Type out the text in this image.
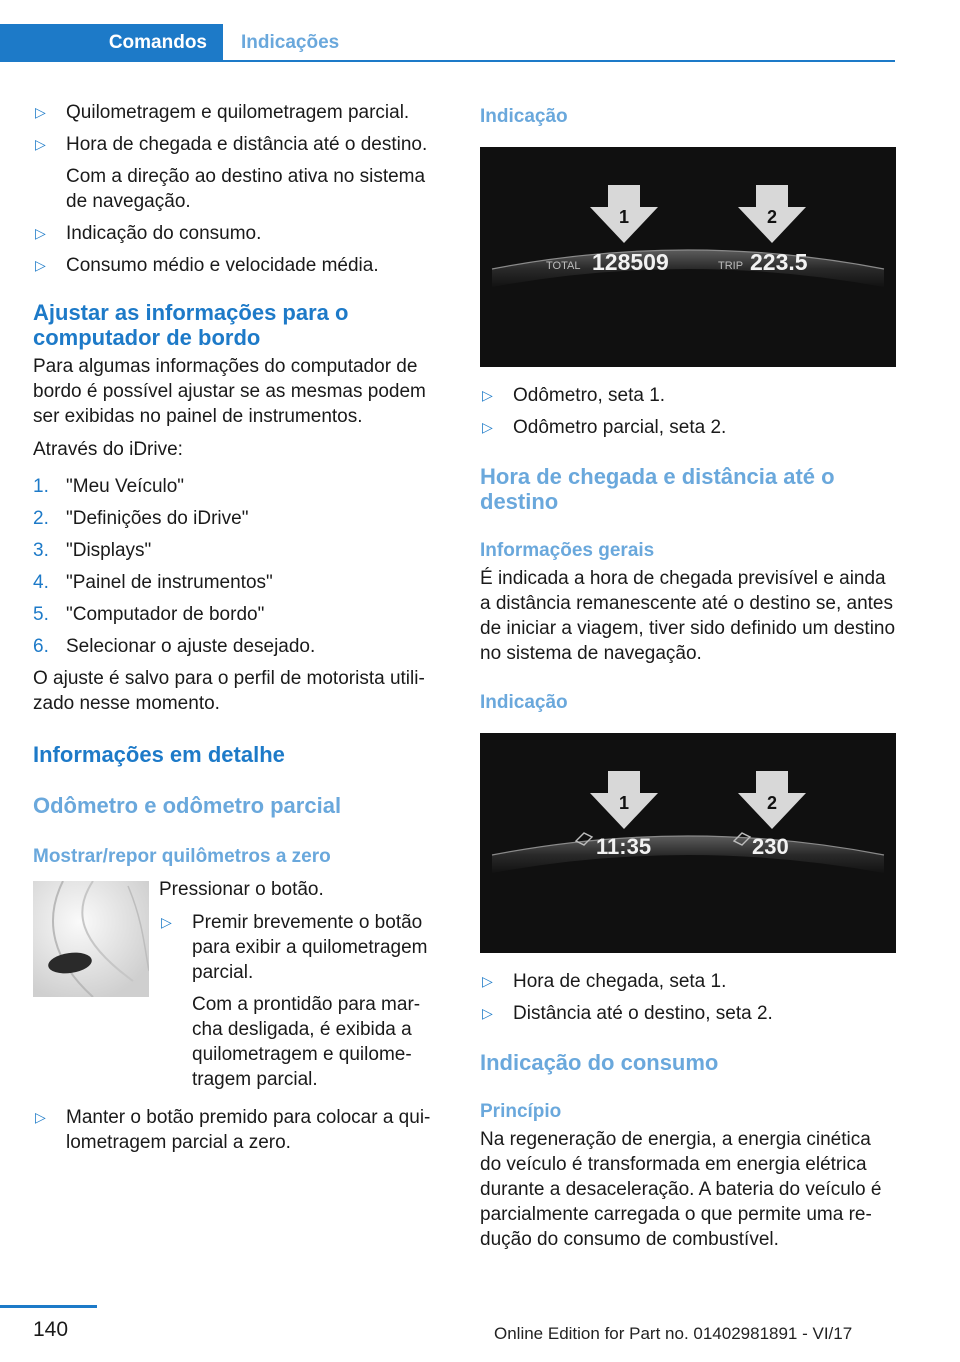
Comandos	Indicações
▷ Quilometragem e quilometragem parcial.
▷ Hora de chegada e distância até o destino.
Com a direção ao destino ativa no sistema de navegação.
▷ Indicação do consumo.
▷ Consumo médio e velocidade média.
Ajustar as informações para o computador de bordo

Para algumas informações do computador de bordo é possível ajustar se as mesmas podem ser exibidas no painel de instrumentos.

Através do iDrive:

1. "Meu Veículo"
2. "Definições do iDrive"
3. "Displays"
4. "Painel de instrumentos"
5. "Computador de bordo"
6. Selecionar o ajuste desejado.

O ajuste é salvo para o perfil de motorista utilizado nesse momento.

Informações em detalhe
Odômetro e odômetro parcial
Mostrar/repor quilômetros a zero

Pressionar o botão.

▷ Premir brevemente o botão para exibir a quilometragem parcial.
Com a prontidão para marcha desligada, é exibida a quilometragem e quilometragem parcial.
▷ Manter o botão premido para colocar a quilometragem parcial a zero.
Indicação
1	2
TOTAL 128509	TRIP 223.5
▷ Odômetro, seta 1.
▷ Odômetro parcial, seta 2.
Hora de chegada e distância até o destino
Informações gerais

É indicada a hora de chegada previsível e ainda a distância remanescente até o destino se, antes de iniciar a viagem, tiver sido definido um destino no sistema de navegação.

Indicação
1	2
11:35	230
▷ Hora de chegada, seta 1.
▷ Distância até o destino, seta 2.
Indicação do consumo
Princípio

Na regeneração de energia, a energia cinética do veículo é transformada em energia elétrica durante a desaceleração. A bateria do veículo é parcialmente carregada o que permite uma redução do consumo de combustível.

140	Online Edition for Part no. 01402981891 - VI/17
